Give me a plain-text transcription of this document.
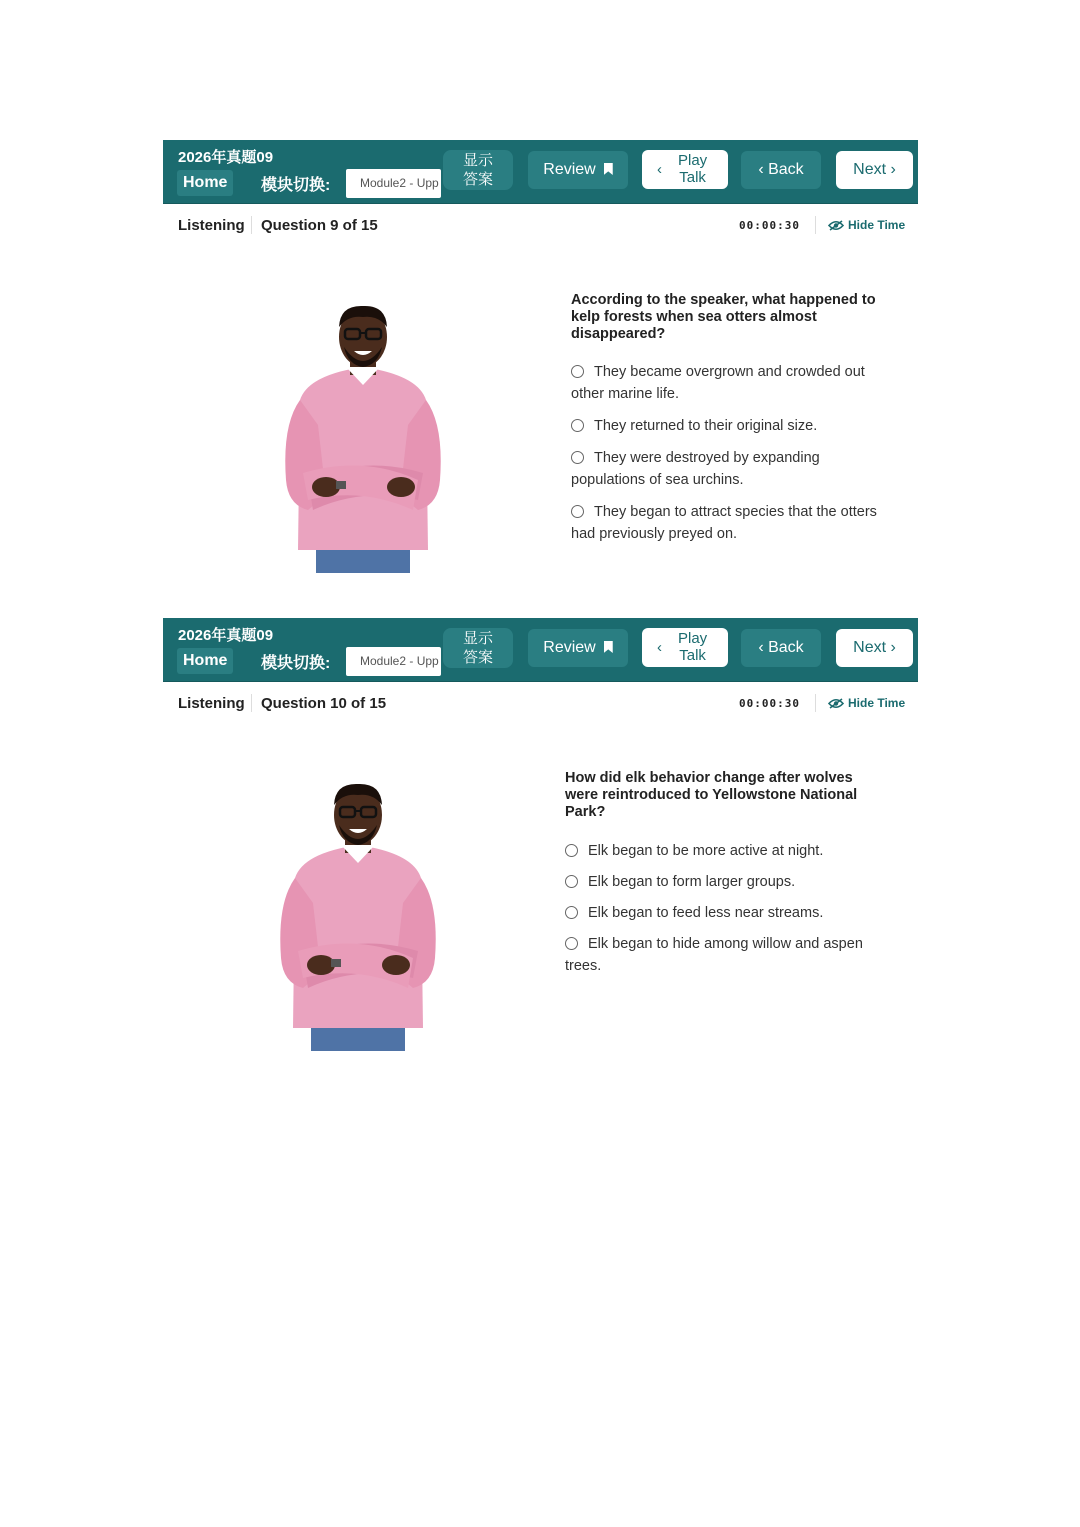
2026年真题09
Home	模块切换:	Module2 - Upp
显示
答案
Review	‹
Play
Talk	‹ Back	Next ›
Listening Question 9 of 15	00:00:30	Hide Time
According to the speaker, what happened to kelp forests when sea otters almost disappeared?
They became overgrown and crowded out other marine life.
They returned to their original size.
They were destroyed by expanding populations of sea urchins.
They began to attract species that the otters had previously preyed on.
2026年真题09
Home	模块切换:	Module2 - Upp
显示
答案
Review	‹
Play
Talk	‹ Back	Next ›
Listening Question 10 of 15	00:00:30	Hide Time
How did elk behavior change after wolves were reintroduced to Yellowstone National Park?
Elk began to be more active at night.
Elk began to form larger groups.
Elk began to feed less near streams.
Elk began to hide among willow and aspen trees.
